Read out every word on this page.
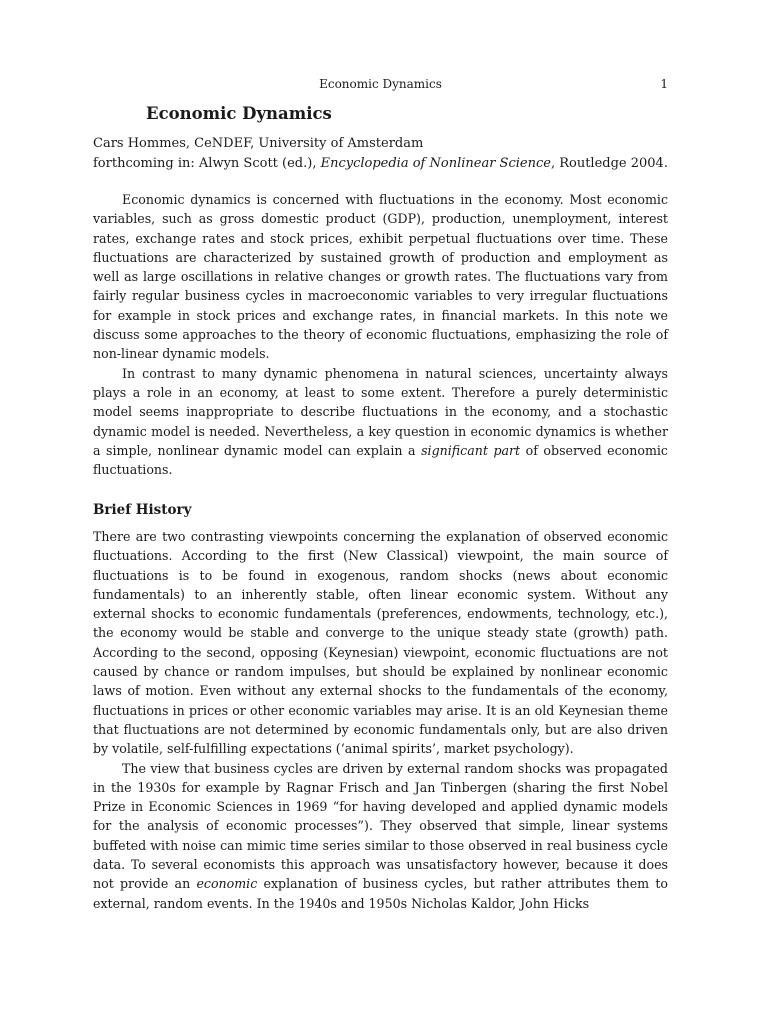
Economic Dynamics	1
Economic Dynamics
Cars Hommes, CeNDEF, University of Amsterdam
forthcoming in: Alwyn Scott (ed.), Encyclopedia of Nonlinear Science, Routledge 2004.

Economic dynamics is concerned with fluctuations in the economy. Most economic variables, such as gross domestic product (GDP), production, unemployment, interest rates, exchange rates and stock prices, exhibit perpetual fluctuations over time. These fluctuations are characterized by sustained growth of production and employment as well as large oscillations in relative changes or growth rates. The fluctuations vary from fairly regular business cycles in macroeconomic variables to very irregular fluctuations for example in stock prices and exchange rates, in financial markets. In this note we discuss some approaches to the theory of economic fluctuations, emphasizing the role of non-linear dynamic models.

In contrast to many dynamic phenomena in natural sciences, uncertainty always plays a role in an economy, at least to some extent. Therefore a purely deterministic model seems inappropriate to describe fluctuations in the economy, and a stochastic dynamic model is needed. Nevertheless, a key question in economic dynamics is whether a simple, nonlinear dynamic model can explain a significant part of observed economic fluctuations.

Brief History

There are two contrasting viewpoints concerning the explanation of observed economic fluctuations. According to the first (New Classical) viewpoint, the main source of fluctuations is to be found in exogenous, random shocks (news about economic fundamentals) to an inherently stable, often linear economic system. Without any external shocks to economic fundamentals (preferences, endowments, technology, etc.), the economy would be stable and converge to the unique steady state (growth) path. According to the second, opposing (Keynesian) viewpoint, economic fluctuations are not caused by chance or random impulses, but should be explained by nonlinear economic laws of motion. Even without any external shocks to the fundamentals of the economy, fluctuations in prices or other economic variables may arise. It is an old Keynesian theme that fluctuations are not determined by economic fundamentals only, but are also driven by volatile, self-fulfilling expectations (‘animal spirits’, market psychology).

The view that business cycles are driven by external random shocks was propagated in the 1930s for example by Ragnar Frisch and Jan Tinbergen (sharing the first Nobel Prize in Economic Sciences in 1969 “for having developed and applied dynamic models for the analysis of economic processes”). They observed that simple, linear systems buffeted with noise can mimic time series similar to those observed in real business cycle data. To several economists this approach was unsatisfactory however, because it does not provide an economic explanation of business cycles, but rather attributes them to external, random events. In the 1940s and 1950s Nicholas Kaldor, John Hicks
